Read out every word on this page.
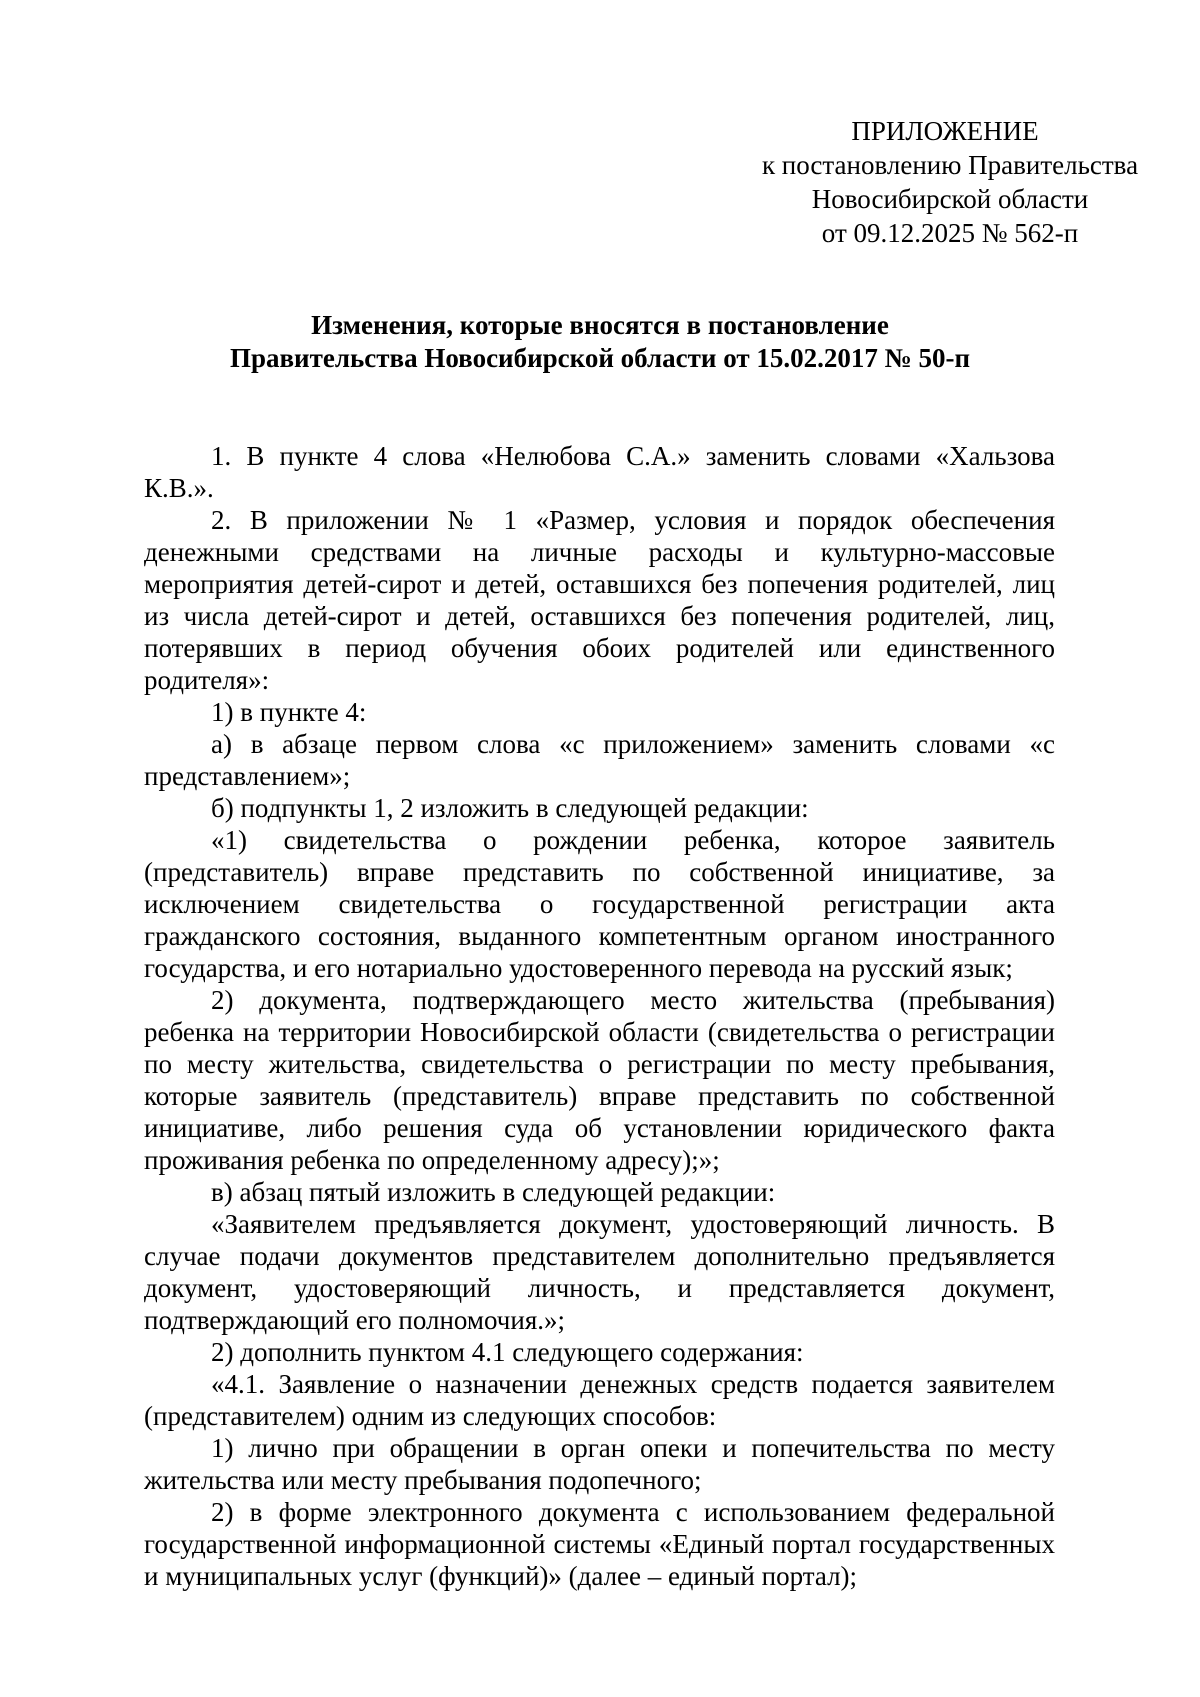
ПРИЛОЖЕНИЕ
к постановлению Правительства
Новосибирской области
от 09.12.2025 № 562-п
Изменения, которые вносятся в постановление
Правительства Новосибирской области от 15.02.2017 № 50-п

1. В пункте 4 слова «Нелюбова С.А.» заменить словами «Хальзова К.В.».

2. В приложении № 1 «Размер, условия и порядок обеспечения денежными средствами на личные расходы и культурно-массовые мероприятия детей-сирот и детей, оставшихся без попечения родителей, лиц из числа детей-сирот и детей, оставшихся без попечения родителей, лиц, потерявших в период обучения обоих родителей или единственного родителя»:

1) в пункте 4:

а) в абзаце первом слова «с приложением» заменить словами «с представлением»;

б) подпункты 1, 2 изложить в следующей редакции:

«1) свидетельства о рождении ребенка, которое заявитель (представитель) вправе представить по собственной инициативе, за исключением свидетельства о государственной регистрации акта гражданского состояния, выданного компетентным органом иностранного государства, и его нотариально удостоверенного перевода на русский язык;

2) документа, подтверждающего место жительства (пребывания) ребенка на территории Новосибирской области (свидетельства о регистрации по месту жительства, свидетельства о регистрации по месту пребывания, которые заявитель (представитель) вправе представить по собственной инициативе, либо решения суда об установлении юридического факта проживания ребенка по определенному адресу);»;

в) абзац пятый изложить в следующей редакции:

«Заявителем предъявляется документ, удостоверяющий личность. В случае подачи документов представителем дополнительно предъявляется документ, удостоверяющий личность, и представляется документ, подтверждающий его полномочия.»;

2) дополнить пунктом 4.1 следующего содержания:

«4.1. Заявление о назначении денежных средств подается заявителем (представителем) одним из следующих способов:

1) лично при обращении в орган опеки и попечительства по месту жительства или месту пребывания подопечного;

2) в форме электронного документа с использованием федеральной государственной информационной системы «Единый портал государственных и муниципальных услуг (функций)» (далее – единый портал);
